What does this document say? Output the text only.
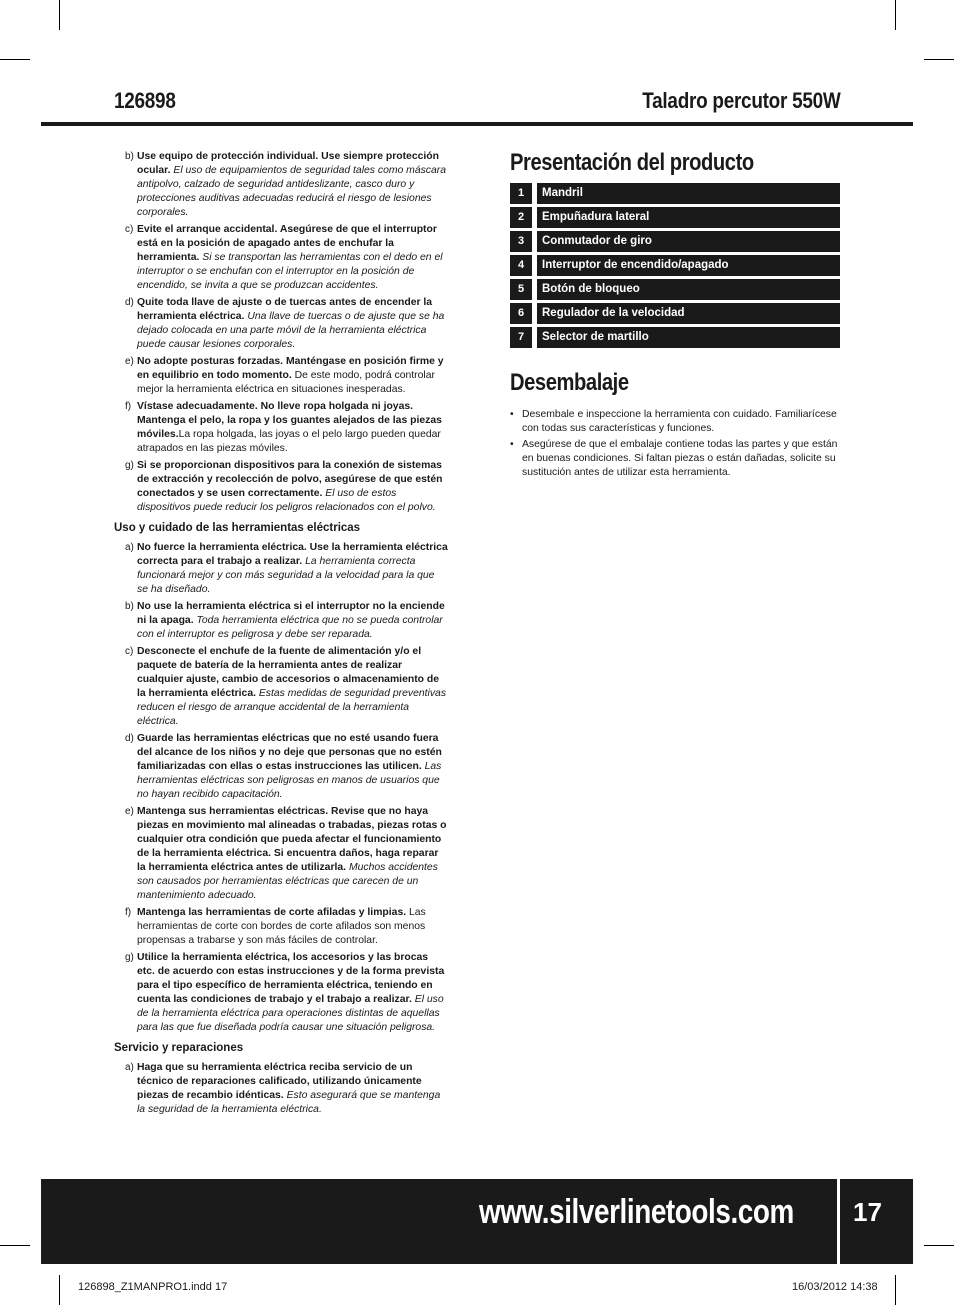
126898	Taladro percutor 550W
b) Use equipo de protección individual. Use siempre protección ocular. El uso de equipamientos de seguridad tales como máscara antipolvo, calzado de seguridad antideslizante, casco duro y protecciones auditivas adecuadas reducirá el riesgo de lesiones corporales.
c) Evite el arranque accidental. Asegúrese de que el interruptor está en la posición de apagado antes de enchufar la herramienta. Si se transportan las herramientas con el dedo en el interruptor o se enchufan con el interruptor en la posición de encendido, se invita a que se produzcan accidentes.
d) Quite toda llave de ajuste o de tuercas antes de encender la herramienta eléctrica. Una llave de tuercas o de ajuste que se ha dejado colocada en una parte móvil de la herramienta eléctrica puede causar lesiones corporales.
e) No adopte posturas forzadas. Manténgase en posición firme y en equilibrio en todo momento. De este modo, podrá controlar mejor la herramienta eléctrica en situaciones inesperadas.
f) Vístase adecuadamente. No lleve ropa holgada ni joyas. Mantenga el pelo, la ropa y los guantes alejados de las piezas móviles.La ropa holgada, las joyas o el pelo largo pueden quedar atrapados en las piezas móviles.
g) Si se proporcionan dispositivos para la conexión de sistemas de extracción y recolección de polvo, asegúrese de que estén conectados y se usen correctamente. El uso de estos dispositivos puede reducir los peligros relacionados con el polvo.
Uso y cuidado de las herramientas eléctricas
a) No fuerce la herramienta eléctrica. Use la herramienta eléctrica correcta para el trabajo a realizar. La herramienta correcta funcionará mejor y con más seguridad a la velocidad para la que se ha diseñado.
b) No use la herramienta eléctrica si el interruptor no la enciende ni la apaga. Toda herramienta eléctrica que no se pueda controlar con el interruptor es peligrosa y debe ser reparada.
c) Desconecte el enchufe de la fuente de alimentación y/o el paquete de batería de la herramienta antes de realizar cualquier ajuste, cambio de accesorios o almacenamiento de la herramienta eléctrica. Estas medidas de seguridad preventivas reducen el riesgo de arranque accidental de la herramienta eléctrica.
d) Guarde las herramientas eléctricas que no esté usando fuera del alcance de los niños y no deje que personas que no estén familiarizadas con ellas o estas instrucciones las utilicen. Las herramientas eléctricas son peligrosas en manos de usuarios que no hayan recibido capacitación.
e) Mantenga sus herramientas eléctricas. Revise que no haya piezas en movimiento mal alineadas o trabadas, piezas rotas o cualquier otra condición que pueda afectar el funcionamiento de la herramienta eléctrica. Si encuentra daños, haga reparar la herramienta eléctrica antes de utilizarla. Muchos accidentes son causados por herramientas eléctricas que carecen de un mantenimiento adecuado.
f) Mantenga las herramientas de corte afiladas y limpias. Las herramientas de corte con bordes de corte afilados son menos propensas a trabarse y son más fáciles de controlar.
g) Utilice la herramienta eléctrica, los accesorios y las brocas etc. de acuerdo con estas instrucciones y de la forma prevista para el tipo específico de herramienta eléctrica, teniendo en cuenta las condiciones de trabajo y el trabajo a realizar. El uso de la herramienta eléctrica para operaciones distintas de aquellas para las que fue diseñada podría causar une situación peligrosa.
Servicio y reparaciones
a) Haga que su herramienta eléctrica reciba servicio de un técnico de reparaciones calificado, utilizando únicamente piezas de recambio idénticas. Esto asegurará que se mantenga la seguridad de la herramienta eléctrica.
Presentación del producto
1	Mandril
2	Empuñadura lateral
3	Conmutador de giro
4	Interruptor de encendido/apagado
5	Botón de bloqueo
6	Regulador de la velocidad
7	Selector de martillo
Desembalaje
• Desembale e inspeccione la herramienta con cuidado. Familiarícese con todas sus características y funciones.
• Asegúrese de que el embalaje contiene todas las partes y que están en buenas condiciones. Si faltan piezas o están dañadas, solicite su sustitución antes de utilizar esta herramienta.
www.silverlinetools.com 17
126898_Z1MANPRO1.indd 17	16/03/2012 14:38
